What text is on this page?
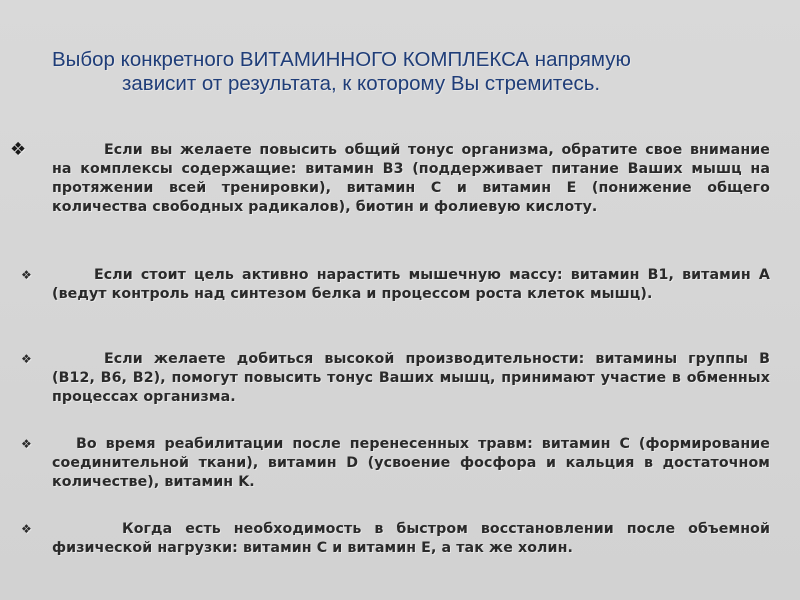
Выбор конкретного ВИТАМИННОГО КОМПЛЕКСА напрямую
зависит от результата, к которому Вы стремитесь.
❖	Если вы желаете повысить общий тонус организма, обратите свое внимание на комплексы содержащие: витамин B3 (поддерживает питание Ваших мышц на протяжении всей тренировки), витамин C и витамин E (понижение общего количества свободных радикалов), биотин и фолиевую кислоту.
❖	Если стоит цель активно нарастить мышечную массу: витамин B1, витамин A (ведут контроль над синтезом белка и процессом роста клеток мышц).
❖	Если желаете добиться высокой производительности: витамины группы B (B12, B6, B2), помогут повысить тонус Ваших мышц, принимают участие в обменных процессах организма.
❖	Во время реабилитации после перенесенных травм: витамин C (формирование соединительной ткани), витамин D (усвоение фосфора и кальция в достаточном количестве), витамин K.
❖	Когда есть необходимость в быстром восстановлении после объемной физической нагрузки: витамин C и витамин E, а так же холин.
